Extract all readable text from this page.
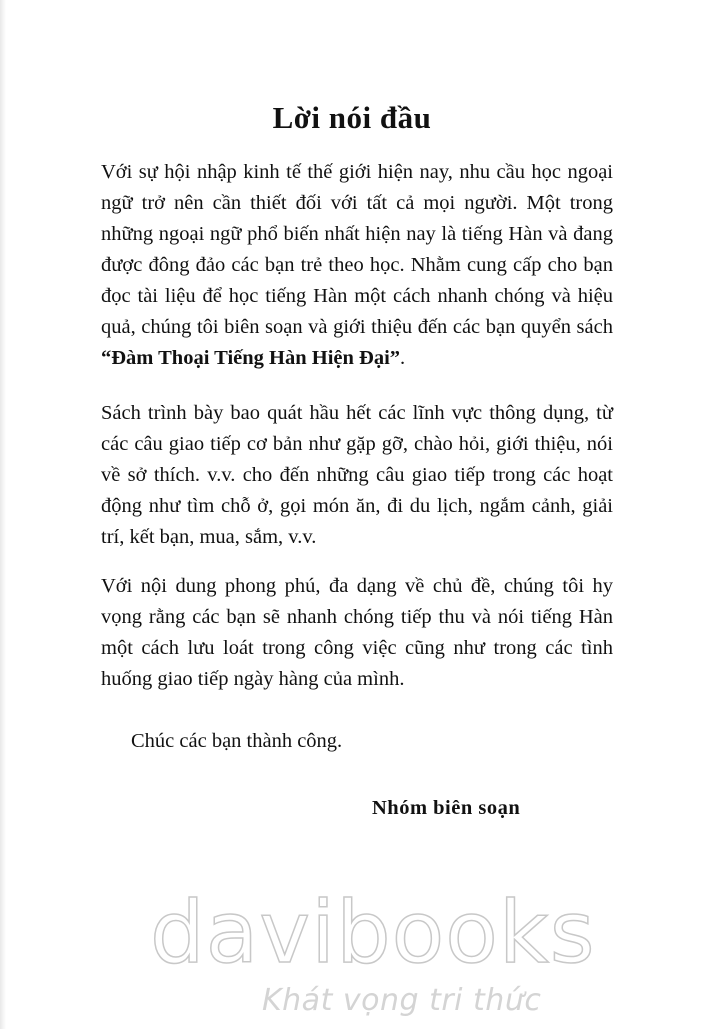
Lời nói đầu

Với sự hội nhập kinh tế thế giới hiện nay, nhu cầu học ngoại ngữ trở nên cần thiết đối với tất cả mọi người. Một trong những ngoại ngữ phổ biến nhất hiện nay là tiếng Hàn và đang được đông đảo các bạn trẻ theo học. Nhằm cung cấp cho bạn đọc tài liệu để học tiếng Hàn một cách nhanh chóng và hiệu quả, chúng tôi biên soạn và giới thiệu đến các bạn quyển sách “Đàm Thoại Tiếng Hàn Hiện Đại”.

Sách trình bày bao quát hầu hết các lĩnh vực thông dụng, từ các câu giao tiếp cơ bản như gặp gỡ, chào hỏi, giới thiệu, nói về sở thích. v.v. cho đến những câu giao tiếp trong các hoạt động như tìm chỗ ở, gọi món ăn, đi du lịch, ngắm cảnh, giải trí, kết bạn, mua, sắm, v.v.

Với nội dung phong phú, đa dạng về chủ đề, chúng tôi hy vọng rằng các bạn sẽ nhanh chóng tiếp thu và nói tiếng Hàn một cách lưu loát trong công việc cũng như trong các tình huống giao tiếp ngày hàng của mình.

Chúc các bạn thành công.

Nhóm biên soạn
davibooks
Khát vọng tri thức
